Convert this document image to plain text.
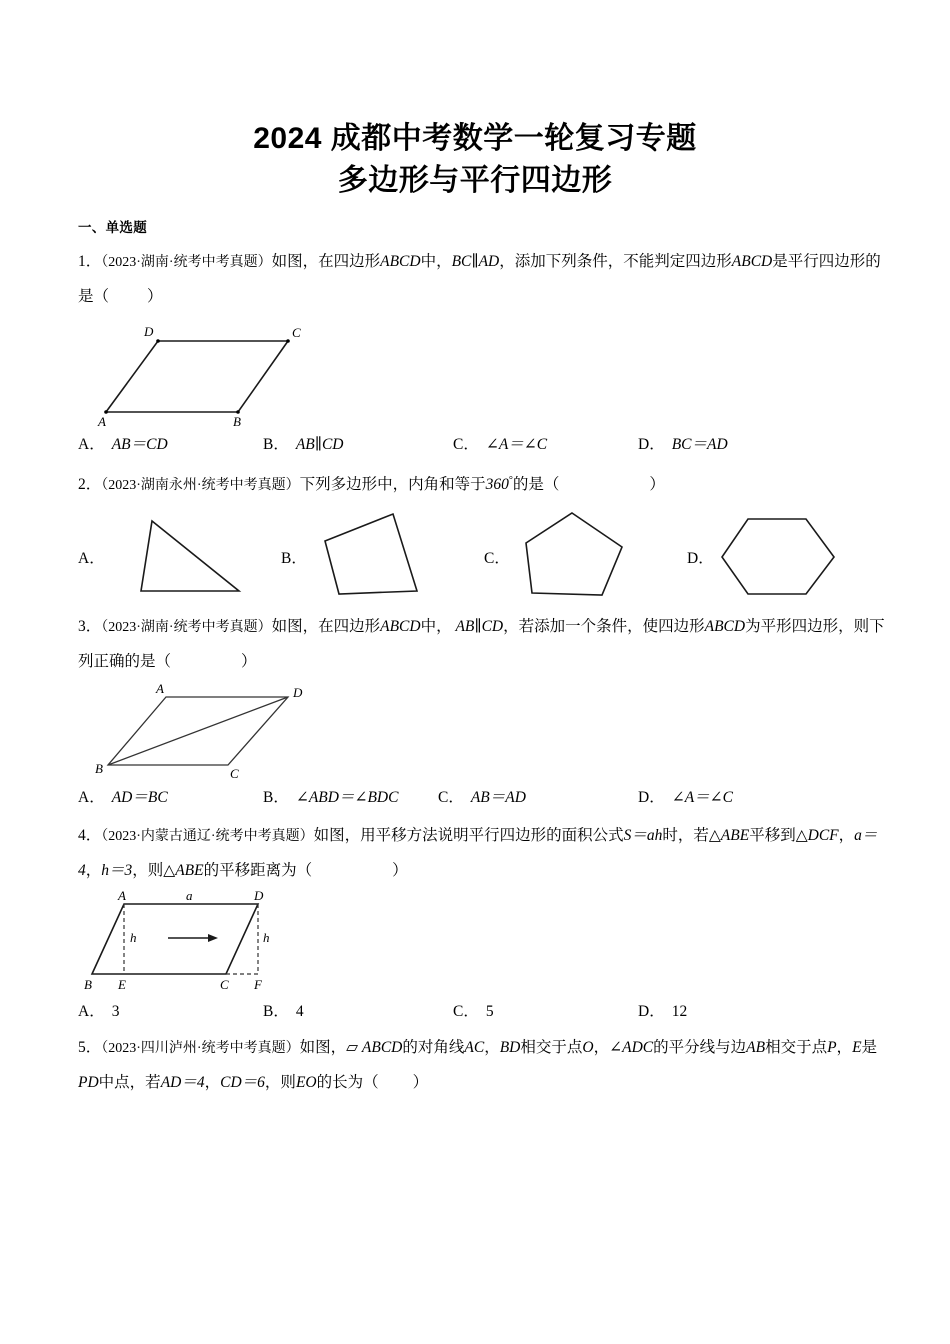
2024 成都中考数学一轮复习专题
多边形与平行四边形
一、单选题
1．（2023·湖南·统考中考真题）如图，在四边形ABCD中，BC∥AD，添加下列条件，不能判定四边形ABCD是平行四边形的是（ ）
A	B
C
D
A． AB＝CD	B． AB∥CD	C． ∠A＝∠C	D． BC＝AD
2．（2023·湖南永州·统考中考真题）下列多边形中，内角和等于360°的是（	）
A．	B．	C．	D．
3．（2023·湖南·统考中考真题）如图，在四边形ABCD中， AB∥CD，若添加一个条件，使四边形ABCD为平形四边形，则下列正确的是（	）
A	D
B	C
A． AD＝BC	B． ∠ABD＝∠BDC	C． AB＝AD	D． ∠A＝∠C
4．（2023·内蒙古通辽·统考中考真题）如图，用平移方法说明平行四边形的面积公式S＝ah时，若△ABE平移到△DCF，a＝4，h＝3，则△ABE的平移距离为（	）
A	D
a
h	h
B E	C F
A． 3	B． 4	C． 5	D． 12
5．（2023·四川泸州·统考中考真题）如图，▱ ABCD的对角线AC，BD相交于点O，∠ADC的平分线与边AB相交于点P，E是PD中点，若AD＝4，CD＝6，则EO的长为（ ）
